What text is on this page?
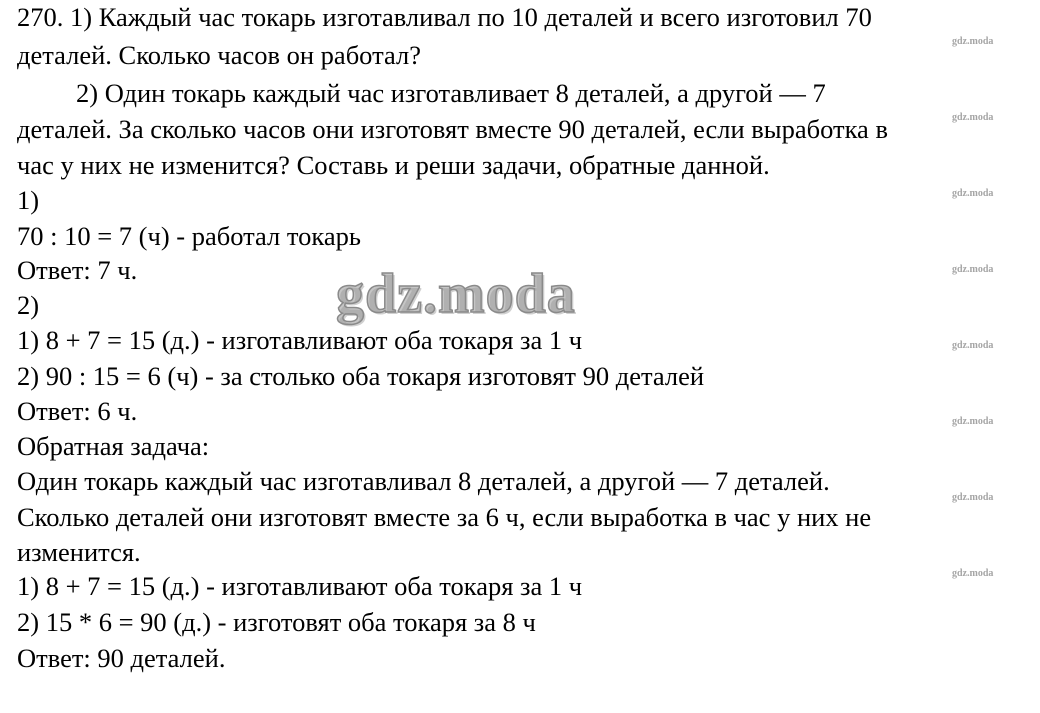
270. 1) Каждый час токарь изготавливал по 10 деталей и всего изготовил 70
деталей. Сколько часов он работал?
2) Один токарь каждый час изготавливает 8 деталей, а другой — 7
деталей. За сколько часов они изготовят вместе 90 деталей, если выработка в
час у них не изменится? Составь и реши задачи, обратные данной.
1)
70 : 10 = 7 (ч) - работал токарь
Ответ: 7 ч.
2)
1) 8 + 7 = 15 (д.) - изготавливают оба токаря за 1 ч
2) 90 : 15 = 6 (ч) - за столько оба токаря изготовят 90 деталей
Ответ: 6 ч.
Обратная задача:
Один токарь каждый час изготавливал 8 деталей, а другой — 7 деталей.
Сколько деталей они изготовят вместе за 6 ч, если выработка в час у них не
изменится.
1) 8 + 7 = 15 (д.) - изготавливают оба токаря за 1 ч
2) 15 * 6 = 90 (д.) - изготовят оба токаря за 8 ч
Ответ: 90 деталей.
gdz.moda
gdz.moda
gdz.moda
gdz.moda
gdz.moda
gdz.moda
gdz.moda
gdz.moda
gdz.moda
